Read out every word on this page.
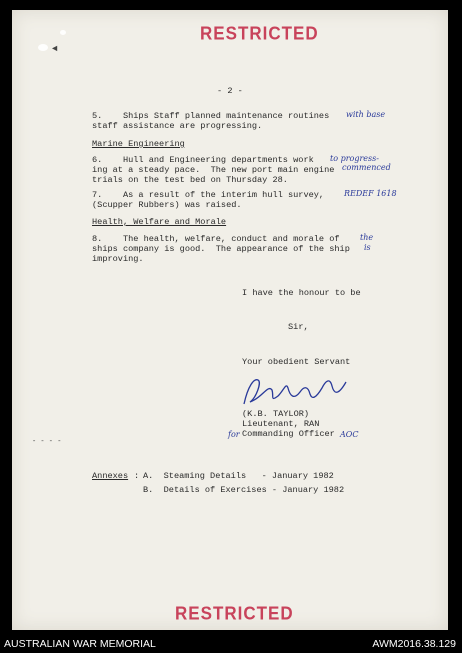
◄
RESTRICTED
- 2 -
5.    Ships Staff planned maintenance routines with base
staff assistance are progressing.
Marine Engineering
6.    Hull and Engineering departments work to progress-
ing at a steady pace.  The new port main engine commenced
trials on the test bed on Thursday 28.
7.    As a result of the interim hull survey, REDEF 1618
(Scupper Rubbers) was raised.
Health, Welfare and Morale
8.    The health, welfare, conduct and morale of	the
ships company is good.  The appearance of the ship is
improving.
I have the honour to be
Sir,
Your obedient Servant
(K.B. TAYLOR)
Lieutenant, RAN
for Commanding Officer AOC
- - - -
Annexes : A.  Steaming Details   - January 1982
B.  Details of Exercises - January 1982
RESTRICTED
AUSTRALIAN WAR MEMORIAL	AWM2016.38.129
